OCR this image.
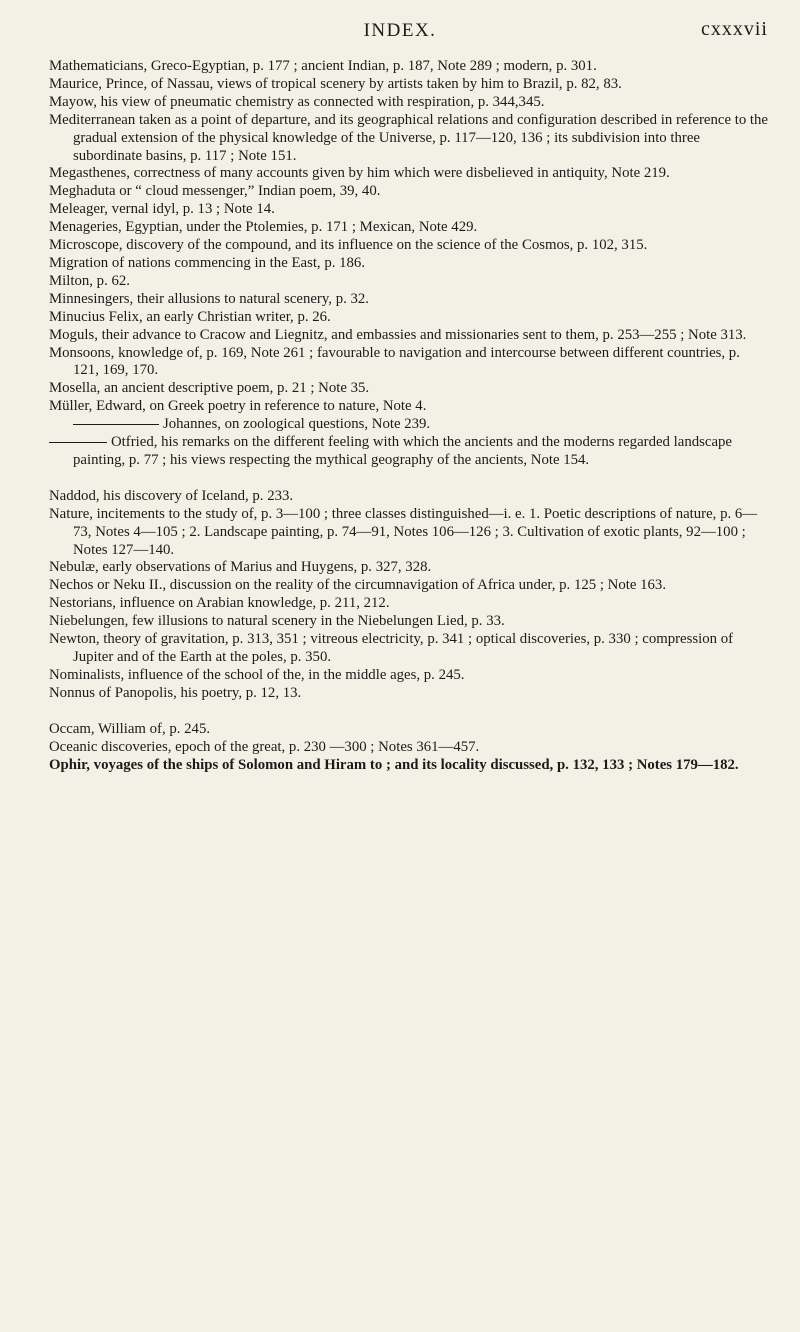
INDEX.	cxxxvii

Mathematicians, Greco-Egyptian, p. 177 ; ancient Indian, p. 187, Note 289 ; modern, p. 301.

Maurice, Prince, of Nassau, views of tropical scenery by artists taken by him to Brazil, p. 82, 83.

Mayow, his view of pneumatic chemistry as connected with respiration, p. 344,345.

Mediterranean taken as a point of departure, and its geographical relations and configuration described in reference to the gradual extension of the physical knowledge of the Universe, p. 117—120, 136 ; its subdivision into three subordinate basins, p. 117 ; Note 151.

Megasthenes, correctness of many accounts given by him which were disbelieved in antiquity, Note 219.

Meghaduta or “ cloud messenger,” Indian poem, 39, 40.

Meleager, vernal idyl, p. 13 ; Note 14.

Menageries, Egyptian, under the Ptolemies, p. 171 ; Mexican, Note 429.

Microscope, discovery of the compound, and its influence on the science of the Cosmos, p. 102, 315.

Migration of nations commencing in the East, p. 186.

Milton, p. 62.

Minnesingers, their allusions to natural scenery, p. 32.

Minucius Felix, an early Christian writer, p. 26.

Moguls, their advance to Cracow and Liegnitz, and embassies and missionaries sent to them, p. 253—255 ; Note 313.

Monsoons, knowledge of, p. 169, Note 261 ; favourable to navigation and intercourse between different countries, p. 121, 169, 170.

Mosella, an ancient descriptive poem, p. 21 ; Note 35.

Müller, Edward, on Greek poetry in reference to nature, Note 4.

Johannes, on zoological questions, Note 239.

Otfried, his remarks on the different feeling with which the ancients and the moderns regarded landscape painting, p. 77 ; his views respecting the mythical geography of the ancients, Note 154.

Naddod, his discovery of Iceland, p. 233.

Nature, incitements to the study of, p. 3—100 ; three classes distinguished—i. e. 1. Poetic descriptions of nature, p. 6—73, Notes 4—105 ; 2. Landscape painting, p. 74—91, Notes 106—126 ; 3. Cultivation of exotic plants, 92—100 ; Notes 127—140.

Nebulæ, early observations of Marius and Huygens, p. 327, 328.

Nechos or Neku II., discussion on the reality of the circumnavigation of Africa under, p. 125 ; Note 163.

Nestorians, influence on Arabian knowledge, p. 211, 212.

Niebelungen, few illusions to natural scenery in the Niebelungen Lied, p. 33.

Newton, theory of gravitation, p. 313, 351 ; vitreous electricity, p. 341 ; optical discoveries, p. 330 ; compression of Jupiter and of the Earth at the poles, p. 350.

Nominalists, influence of the school of the, in the middle ages, p. 245.

Nonnus of Panopolis, his poetry, p. 12, 13.

Occam, William of, p. 245.

Oceanic discoveries, epoch of the great, p. 230 —300 ; Notes 361—457.

Ophir, voyages of the ships of Solomon and Hiram to ; and its locality discussed, p. 132, 133 ; Notes 179—182.
